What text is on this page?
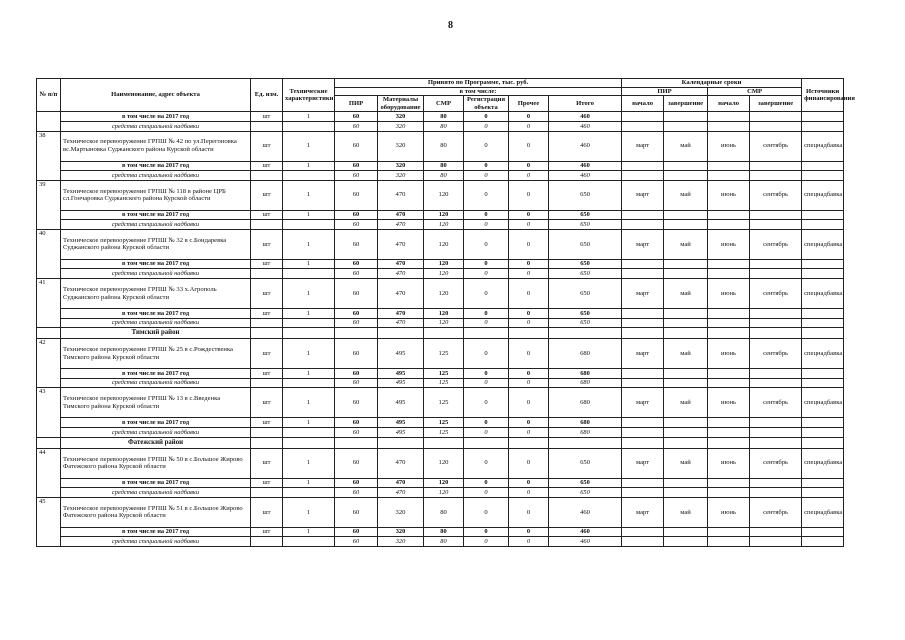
8
№ п/п	Наименование, адрес объекта	Ед. изм.	Технические характеристики	Принято по Программе, тыс. руб.						Календарные сроки				Источники финансирования
				в том числе:						ПИР		СМР		
				ПИР	Материалы оборудование	СМР	Регистрация объекта	Прочее	Итого	начало	завершение	начало	завершение	

	в том числе на 2017 год	шт	1	60	320	80	0	0	460					
	средства специальной надбавки			60	320	80	0	0	460					
38	Техническое перевооружение ГРПШ № 42 по ул.Перегоновка вс.Мартыновка Суджанского района Курской области	шт	1	60	320	80	0	0	460	март	май	июнь	сентябрь	спецнадбавка
	в том числе на 2017 год	шт	1	60	320	80	0	0	460					
	средства специальной надбавки			60	320	80	0	0	460					
39	Техническое перевооружение ГРПШ № 118 в районе ЦРБ сл.Гончаровка Суджанского района Курской области	шт	1	60	470	120	0	0	650	март	май	июнь	сентябрь	спецнадбавка
	в том числе на 2017 год	шт	1	60	470	120	0	0	650					
	средства специальной надбавки			60	470	120	0	0	650					
40	Техническое перевооружение ГРПШ № 32 в с.Бондаревка Суджанского района Курской области	шт	1	60	470	120	0	0	650	март	май	июнь	сентябрь	спецнадбавка
	в том числе на 2017 год	шт	1	60	470	120	0	0	650					
	средства специальной надбавки			60	470	120	0	0	650					
41	Техническое перевооружение ГРПШ № 33 х.Агрополь Суджанского района Курской области	шт	1	60	470	120	0	0	650	март	май	июнь	сентябрь	спецнадбавка
	в том числе на 2017 год	шт	1	60	470	120	0	0	650					
	средства специальной надбавки			60	470	120	0	0	650					
	Тимский район													
42	Техническое перевооружение ГРПШ № 25 в с.Рождественка Тимского района Курской области	шт	1	60	495	125	0	0	680	март	май	июнь	сентябрь	спецнадбавка
	в том числе на 2017 год	шт	1	60	495	125	0	0	680					
	средства специальной надбавки			60	495	125	0	0	680					
43	Техническое перевооружение ГРПШ № 13 в с.Введенка Тимского района Курской области	шт	1	60	495	125	0	0	680	март	май	июнь	сентябрь	спецнадбавка
	в том числе на 2017 год	шт	1	60	495	125	0	0	680					
	средства специальной надбавки			60	495	125	0	0	680					
	Фатежский район													
44	Техническое перевооружение ГРПШ № 50 в с.Большое Жирово Фатежского района Курской области	шт	1	60	470	120	0	0	650	март	май	июнь	сентябрь	спецнадбавка
	в том числе на 2017 год	шт	1	60	470	120	0	0	650					
	средства специальной надбавки			60	470	120	0	0	650					
45	Техническое перевооружение ГРПШ № 51 в с.Большое Жирово Фатежского района Курской области	шт	1	60	320	80	0	0	460	март	май	июнь	сентябрь	спецнадбавка
	в том числе на 2017 год	шт	1	60	320	80	0	0	460					
	средства специальной надбавки			60	320	80	0	0	460					
